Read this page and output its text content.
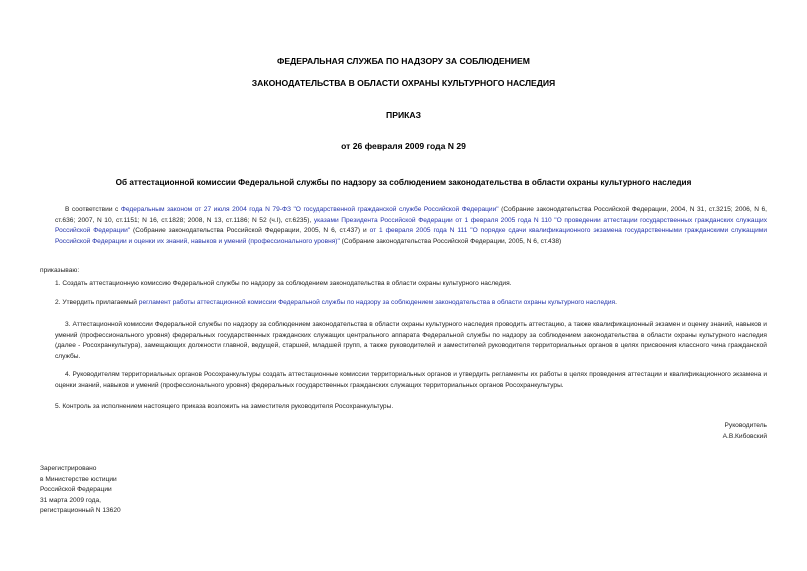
ФЕДЕРАЛЬНАЯ СЛУЖБА ПО НАДЗОРУ ЗА СОБЛЮДЕНИЕМ
ЗАКОНОДАТЕЛЬСТВА В ОБЛАСТИ ОХРАНЫ КУЛЬТУРНОГО НАСЛЕДИЯ
ПРИКАЗ
от 26 февраля 2009 года N 29
Об аттестационной комиссии Федеральной службы по надзору за соблюдением законодательства в области охраны культурного наследия

В соответствии с Федеральным законом от 27 июля 2004 года N 79-ФЗ "О государственной гражданской службе Российской Федерации" (Собрание законодательства Российской Федерации, 2004, N 31, ст.3215; 2006, N 6, ст.636; 2007, N 10, ст.1151; N 16, ст.1828; 2008, N 13, ст.1186; N 52 (ч.I), ст.6235), указами Президента Российской Федерации от 1 февраля 2005 года N 110 "О проведении аттестации государственных гражданских служащих Российской Федерации" (Собрание законодательства Российской Федерации, 2005, N 6, ст.437) и от 1 февраля 2005 года N 111 "О порядке сдачи квалификационного экзамена государственными гражданскими служащими Российской Федерации и оценки их знаний, навыков и умений (профессионального уровня)" (Собрание законодательства Российской Федерации, 2005, N 6, ст.438)

приказываю:
1. Создать аттестационную комиссию Федеральной службы по надзору за соблюдением законодательства в области охраны культурного наследия.
2. Утвердить прилагаемый регламент работы аттестационной комиссии Федеральной службы по надзору за соблюдением законодательства в области охраны культурного наследия.

3. Аттестационной комиссии Федеральной службы по надзору за соблюдением законодательства в области охраны культурного наследия проводить аттестацию, а также квалификационный экзамен и оценку знаний, навыков и умений (профессионального уровня) федеральных государственных гражданских служащих центрального аппарата Федеральной службы по надзору за соблюдением законодательства в области охраны культурного наследия (далее - Росохранкультура), замещающих должности главной, ведущей, старшей, младшей групп, а также руководителей и заместителей руководителя территориальных органов в целях присвоения классного чина гражданской службы.

4. Руководителям территориальных органов Росохранкультуры создать аттестационные комиссии территориальных органов и утвердить регламенты их работы в целях проведения аттестации и квалификационного экзамена и оценки знаний, навыков и умений (профессионального уровня) федеральных государственных гражданских служащих территориальных органов Росохранкультуры.

5. Контроль за исполнением настоящего приказа возложить на заместителя руководителя Росохранкультуры.
Руководитель
А.В.Кибовский
Зарегистрировано
в Министерстве юстиции
Российской Федерации
31 марта 2009 года,
регистрационный N 13620
